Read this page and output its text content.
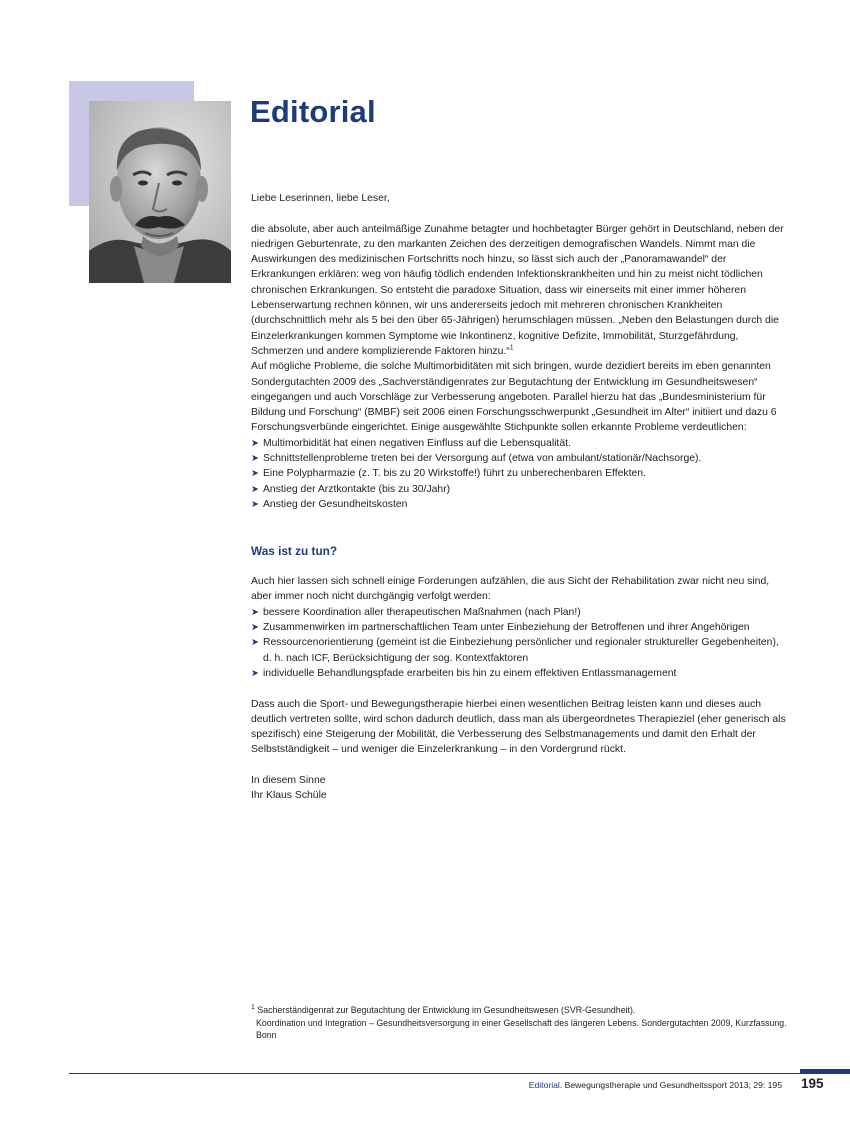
Editorial

Liebe Leserinnen, liebe Leser,

die absolute, aber auch anteilmäßige Zunahme betagter und hochbetagter Bürger gehört in Deutschland, neben der niedrigen Geburtenrate, zu den markanten Zeichen des derzeitigen demografischen Wandels. Nimmt man die Auswirkungen des medizinischen Fortschritts noch hinzu, so lässt sich auch der „Panoramawandel“ der Erkrankungen erklären: weg von häufig tödlich endenden Infektionskrankheiten und hin zu meist nicht tödlichen chronischen Erkrankungen. So entsteht die paradoxe Situation, dass wir einerseits mit einer immer höheren Lebenserwartung rechnen können, wir uns andererseits jedoch mit mehreren chronischen Krankheiten (durchschnittlich mehr als 5 bei den über 65-Jährigen) herumschlagen müssen. „Neben den Belastungen durch die Einzelerkrankungen kommen Symptome wie Inkontinenz, kognitive Defizite, Immobilität, Sturzgefährdung, Schmerzen und andere komplizierende Faktoren hinzu.“$^1$

Auf mögliche Probleme, die solche Multimorbiditäten mit sich bringen, wurde dezidiert bereits im eben genannten Sondergutachten 2009 des „Sachverständigenrates zur Begutachtung der Entwicklung im Gesundheitswesen“ eingegangen und auch Vorschläge zur Verbesserung angeboten. Parallel hierzu hat das „Bundesministerium für Bildung und Forschung“ (BMBF) seit 2006 einen Forschungsschwerpunkt „Gesundheit im Alter“ initiiert und dazu 6 Forschungsverbünde eingerichtet. Einige ausgewählte Stichpunkte sollen erkannte Probleme verdeutlichen:

➤ Multimorbidität hat einen negativen Einfluss auf die Lebensqualität.
➤ Schnittstellenprobleme treten bei der Versorgung auf (etwa von ambulant/stationär/Nachsorge).
➤ Eine Polypharmazie (z. T. bis zu 20 Wirkstoffe!) führt zu unberechenbaren Effekten.
➤ Anstieg der Arztkontakte (bis zu 30/Jahr)
➤ Anstieg der Gesundheitskosten
Was ist zu tun?

Auch hier lassen sich schnell einige Forderungen aufzählen, die aus Sicht der Rehabilitation zwar nicht neu sind, aber immer noch nicht durchgängig verfolgt werden:

➤ bessere Koordination aller therapeutischen Maßnahmen (nach Plan!)
➤ Zusammenwirken im partnerschaftlichen Team unter Einbeziehung der Betroffenen und ihrer Angehörigen
➤ Ressourcenorientierung (gemeint ist die Einbeziehung persönlicher und regionaler struktureller Gegebenheiten), d. h. nach ICF, Berücksichtigung der sog. Kontextfaktoren
➤ individuelle Behandlungspfade erarbeiten bis hin zu einem effektiven Entlassmanagement

Dass auch die Sport- und Bewegungstherapie hierbei einen wesentlichen Beitrag leisten kann und dieses auch deutlich vertreten sollte, wird schon dadurch deutlich, dass man als übergeordnetes Therapieziel (eher generisch als spezifisch) eine Steigerung der Mobilität, die Verbesserung des Selbstmanagements und damit den Erhalt der Selbstständigkeit – und weniger die Einzelerkrankung – in den Vordergrund rückt.

In diesem Sinne

Ihr Klaus Schüle

$^1$ Sacherständigenrat zur Begutachtung der Entwicklung im Gesundheitswesen (SVR-Gesundheit).

Koordination und Integration – Gesundheitsversorgung in einer Gesellschaft des längeren Lebens. Sondergutachten 2009, Kurzfassung. Bonn

Editorial. Bewegungstherapie und Gesundheitssport 2013; 29: 195 195
